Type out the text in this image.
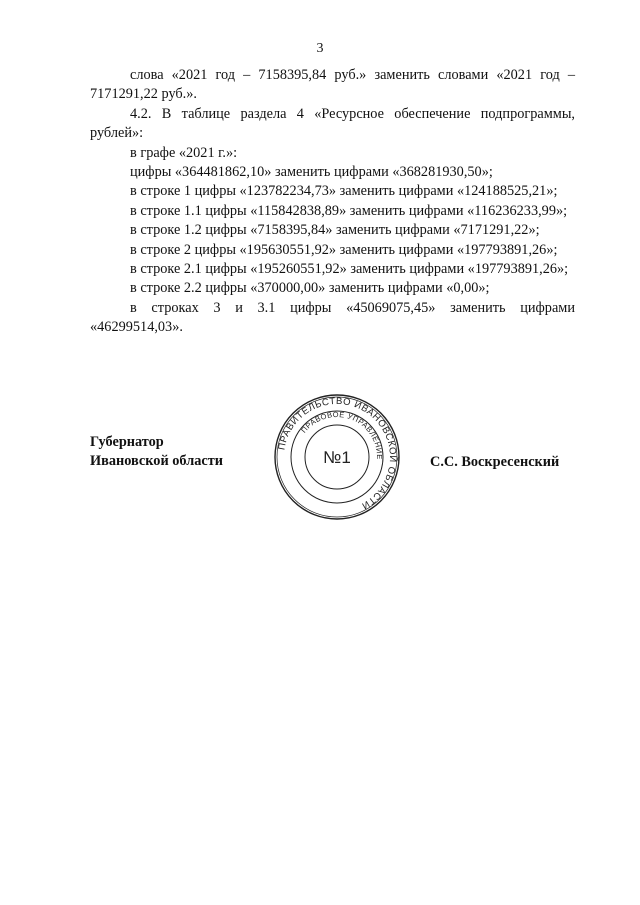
3

слова «2021 год – 7158395,84 руб.» заменить словами «2021 год – 7171291,22 руб.».

4.2. В таблице раздела 4 «Ресурсное обеспечение подпрограммы, рублей»:

в графе «2021 г.»:

цифры «364481862,10» заменить цифрами «368281930,50»;

в строке 1 цифры «123782234,73» заменить цифрами «124188525,21»;

в строке 1.1 цифры «115842838,89» заменить цифрами «116236233,99»;

в строке 1.2 цифры «7158395,84» заменить цифрами «7171291,22»;

в строке 2 цифры «195630551,92» заменить цифрами «197793891,26»;

в строке 2.1 цифры «195260551,92» заменить цифрами «197793891,26»;

в строке 2.2 цифры «370000,00» заменить цифрами «0,00»;

в строках 3 и 3.1 цифры «45069075,45» заменить цифрами «46299514,03».

Губернатор
Ивановской области	С.С. Воскресенский
ПРАВИТЕЛЬСТВО ИВАНОВСКОЙ ОБЛАСТИ
ПРАВОВОЕ УПРАВЛЕНИЕ
№1
